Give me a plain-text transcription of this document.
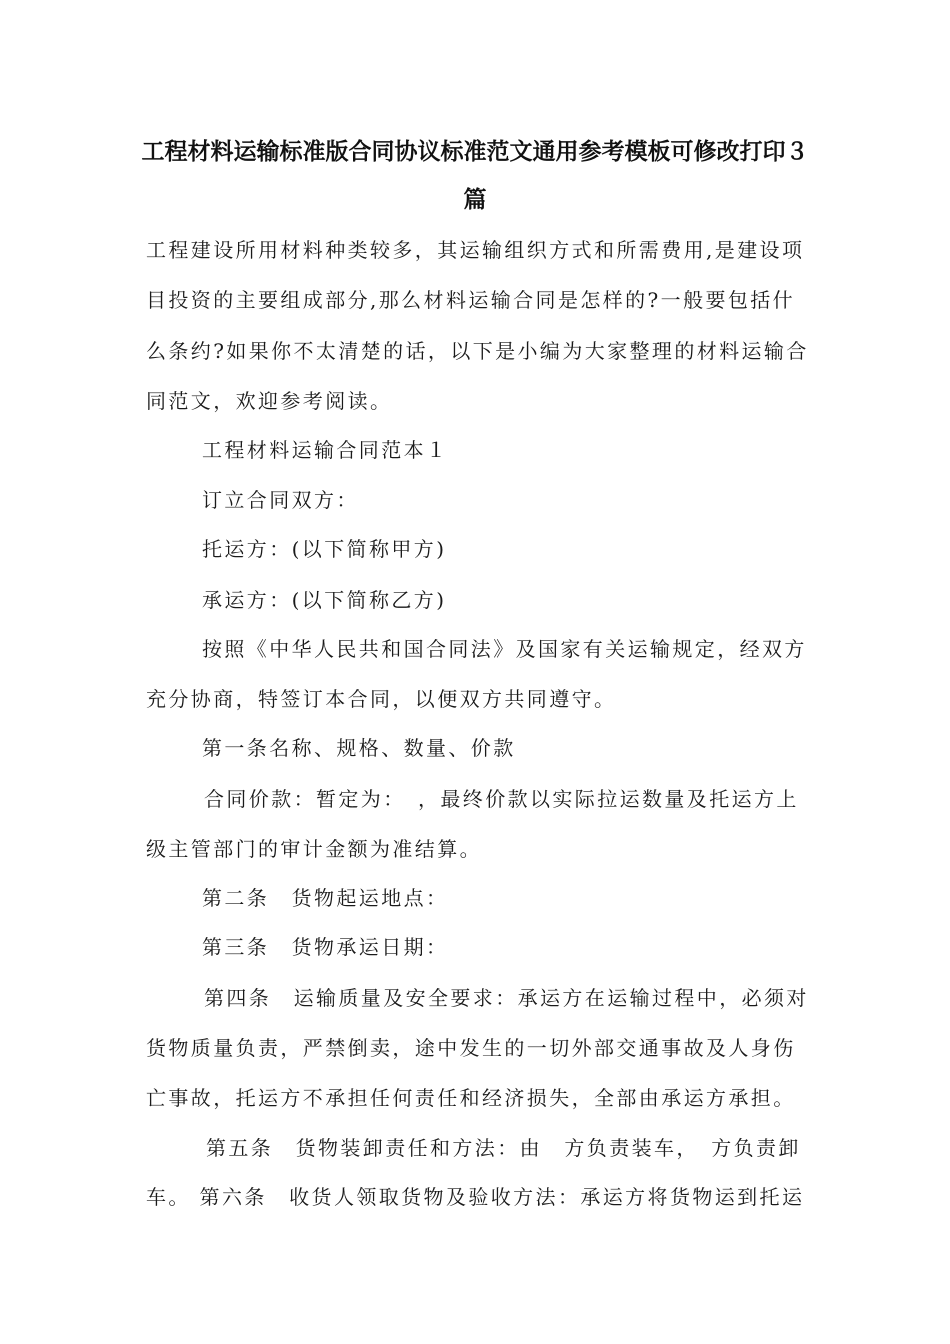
工程材料运输标准版合同协议标准范文通用参考模板可修改打印３
篇
工程建设所用材料种类较多，其运输组织方式和所需费用,是建设项
目投资的主要组成部分,那么材料运输合同是怎样的?一般要包括什
么条约?如果你不太清楚的话，以下是小编为大家整理的材料运输合
同范文，欢迎参考阅读。
工程材料运输合同范本１
订立合同双方：
托运方：(以下简称甲方)
承运方：(以下简称乙方)
按照《中华人民共和国合同法》及国家有关运输规定，经双方
充分协商，特签订本合同，以便双方共同遵守。
第一条名称、规格、数量、价款
合同价款：暂定为：　，最终价款以实际拉运数量及托运方上
级主管部门的审计金额为准结算。
第二条　货物起运地点：
第三条　货物承运日期：
第四条　运输质量及安全要求：承运方在运输过程中，必须对
货物质量负责，严禁倒卖，途中发生的一切外部交通事故及人身伤
亡事故，托运方不承担任何责任和经济损失，全部由承运方承担。
第五条　货物装卸责任和方法：由　方负责装车，　方负责卸
车。 第六条　收货人领取货物及验收方法：承运方将货物运到托运
